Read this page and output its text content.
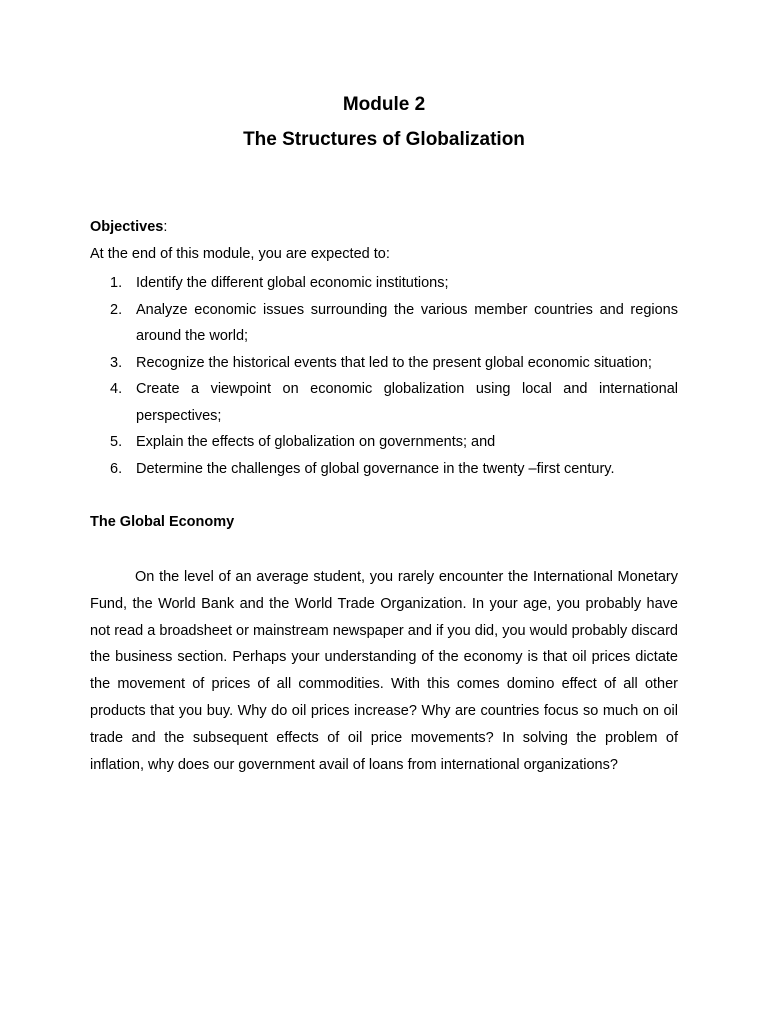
Module 2
The Structures of Globalization
Objectives:
At the end of this module, you are expected to:
1. Identify the different global economic institutions;
2. Analyze economic issues surrounding the various member countries and regions around the world;
3. Recognize the historical events that led to the present global economic situation;
4. Create a viewpoint on economic globalization using local and international perspectives;
5. Explain the effects of globalization on governments; and
6. Determine the challenges of global governance in the twenty –first century.
The Global Economy

On the level of an average student, you rarely encounter the International Monetary Fund, the World Bank and the World Trade Organization. In your age, you probably have not read a broadsheet or mainstream newspaper and if you did, you would probably discard the business section. Perhaps your understanding of the economy is that oil prices dictate the movement of prices of all commodities. With this comes domino effect of all other products that you buy. Why do oil prices increase? Why are countries focus so much on oil trade and the subsequent effects of oil price movements? In solving the problem of inflation, why does our government avail of loans from international organizations?
